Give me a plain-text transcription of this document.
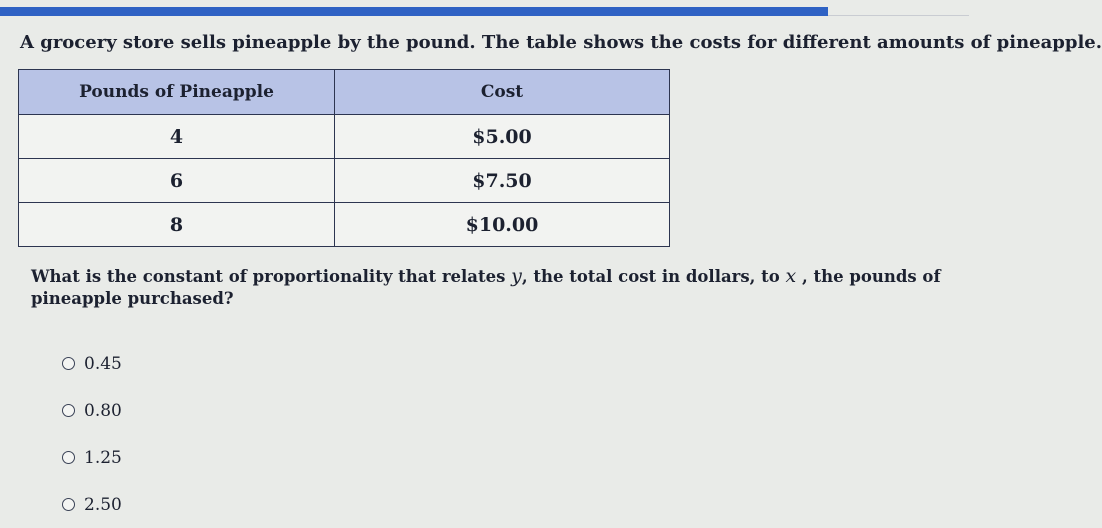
A grocery store sells pineapple by the pound. The table shows the costs for different amounts of pineapple.
Pounds of Pineapple	Cost
4	$5.00
6	$7.50
8	$10.00
What is the constant of proportionality that relates y, the total cost in dollars, to x , the pounds of pineapple purchased?
0.45
0.80
1.25
2.50
